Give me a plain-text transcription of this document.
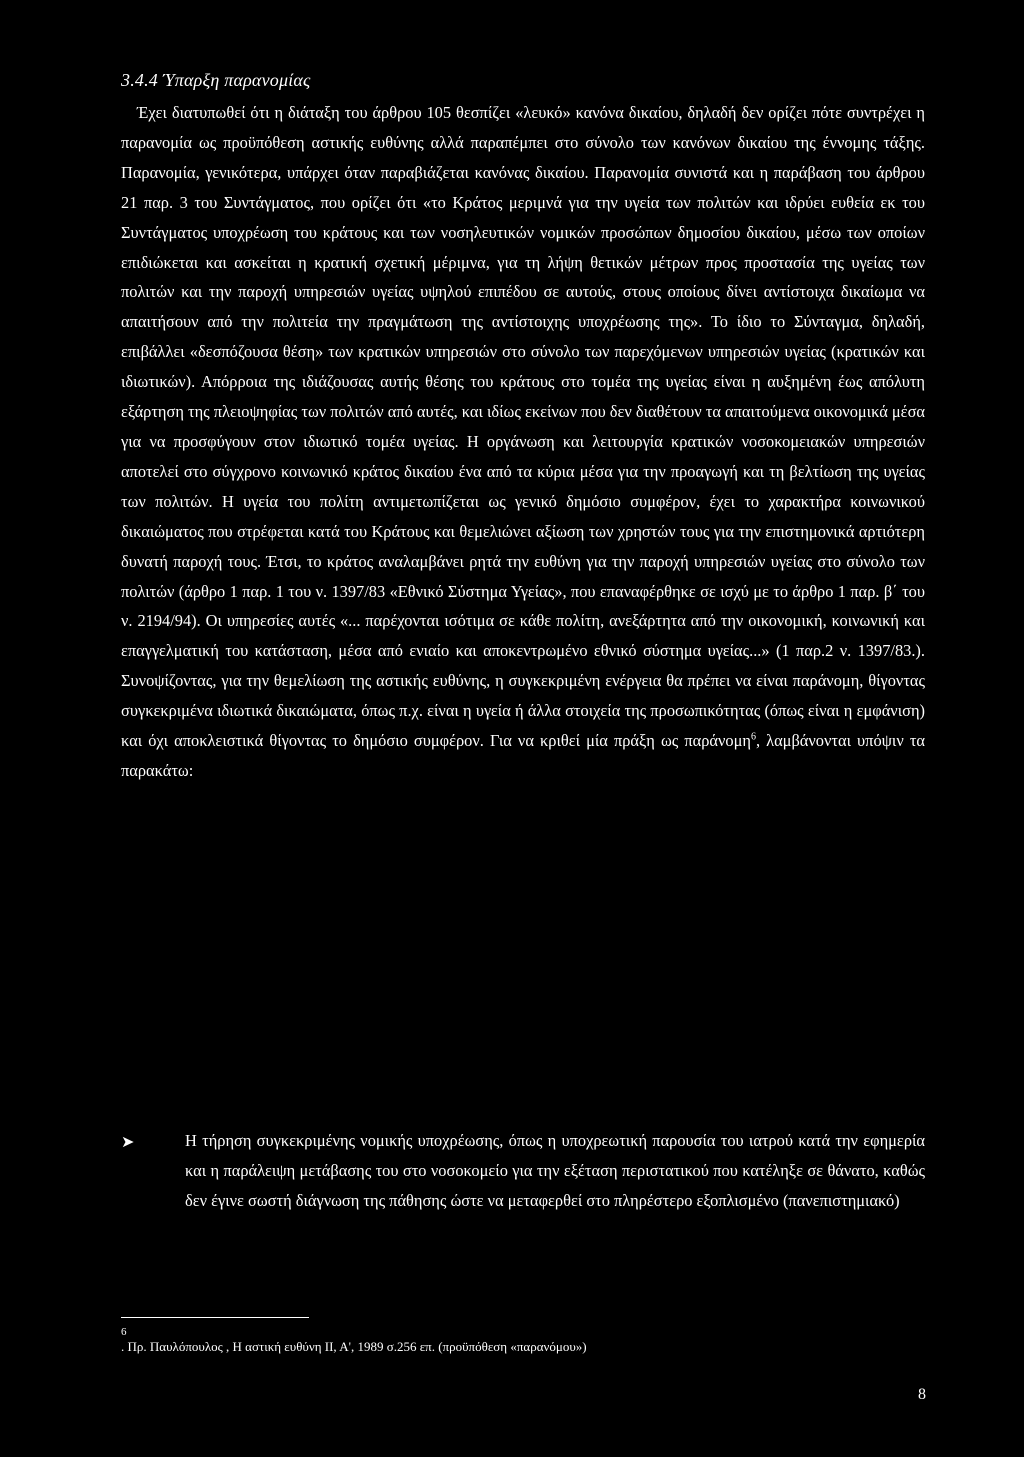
3.4.4 Ύπαρξη παρανομίας
Έχει διατυπωθεί ότι η διάταξη του άρθρου 105 θεσπίζει «λευκό» κανόνα δικαίου, δηλαδή δεν ορίζει πότε συντρέχει η παρανομία ως προϋπόθεση αστικής ευθύνης αλλά παραπέμπει στο σύνολο των κανόνων δικαίου της έννομης τάξης. Παρανομία, γενικότερα, υπάρχει όταν παραβιάζεται κανόνας δικαίου. Παρανομία συνιστά και η παράβαση του άρθρου 21 παρ. 3 του Συντάγματος, που ορίζει ότι «το Κράτος μεριμνά για την υγεία των πολιτών και ιδρύει ευθεία εκ του Συντάγματος υποχρέωση του κράτους και των νοσηλευτικών νομικών προσώπων δημοσίου δικαίου, μέσω των οποίων επιδιώκεται και ασκείται η κρατική σχετική μέριμνα, για τη λήψη θετικών μέτρων προς προστασία της υγείας των πολιτών και την παροχή υπηρεσιών υγείας υψηλού επιπέδου σε αυτούς, στους οποίους δίνει αντίστοιχα δικαίωμα να απαιτήσουν από την πολιτεία την πραγμάτωση της αντίστοιχης υποχρέωσης της». Το ίδιο το Σύνταγμα, δηλαδή, επιβάλλει «δεσπόζουσα θέση» των κρατικών υπηρεσιών στο σύνολο των παρεχόμενων υπηρεσιών υγείας (κρατικών και ιδιωτικών). Απόρροια της ιδιάζουσας αυτής θέσης του κράτους στο τομέα της υγείας είναι η αυξημένη έως απόλυτη εξάρτηση της πλειοψηφίας των πολιτών από αυτές, και ιδίως εκείνων που δεν διαθέτουν τα απαιτούμενα οικονομικά μέσα για να προσφύγουν στον ιδιωτικό τομέα υγείας. Η οργάνωση και λειτουργία κρατικών νοσοκομειακών υπηρεσιών αποτελεί στο σύγχρονο κοινωνικό κράτος δικαίου ένα από τα κύρια μέσα για την προαγωγή και τη βελτίωση της υγείας των πολιτών. Η υγεία του πολίτη αντιμετωπίζεται ως γενικό δημόσιο συμφέρον, έχει το χαρακτήρα κοινωνικού δικαιώματος που στρέφεται κατά του Κράτους και θεμελιώνει αξίωση των χρηστών τους για την επιστημονικά αρτιότερη δυνατή παροχή τους. Έτσι, το κράτος αναλαμβάνει ρητά την ευθύνη για την παροχή υπηρεσιών υγείας στο σύνολο των πολιτών (άρθρο 1 παρ. 1 του ν. 1397/83 «Εθνικό Σύστημα Υγείας», που επαναφέρθηκε σε ισχύ με το άρθρο 1 παρ. β΄ του ν. 2194/94). Οι υπηρεσίες αυτές «... παρέχονται ισότιμα σε κάθε πολίτη, ανεξάρτητα από την οικονομική, κοινωνική και επαγγελματική του κατάσταση, μέσα από ενιαίο και αποκεντρωμένο εθνικό σύστημα υγείας...» (1 παρ.2 ν. 1397/83.). Συνοψίζοντας, για την θεμελίωση της αστικής ευθύνης, η συγκεκριμένη ενέργεια θα πρέπει να είναι παράνομη, θίγοντας συγκεκριμένα ιδιωτικά δικαιώματα, όπως π.χ. είναι η υγεία ή άλλα στοιχεία της προσωπικότητας (όπως είναι η εμφάνιση) και όχι αποκλειστικά θίγοντας το δημόσιο συμφέρον. Για να κριθεί μία πράξη ως παράνομη$^6$, λαμβάνονται υπόψιν τα παρακάτω:
➤	Η τήρηση συγκεκριμένης νομικής υποχρέωσης, όπως η υποχρεωτική παρουσία του ιατρού κατά την εφημερία και η παράλειψη μετάβασης του στο νοσοκομείο για την εξέταση περιστατικού που κατέληξε σε θάνατο, καθώς δεν έγινε σωστή διάγνωση της πάθησης ώστε να μεταφερθεί στο πληρέστερο εξοπλισμένο (πανεπιστημιακό)
6
. Πρ. Παυλόπουλος , Η αστική ευθύνη ΙΙ, Α', 1989 σ.256 επ. (προϋπόθεση «παρανόμου»)
8
